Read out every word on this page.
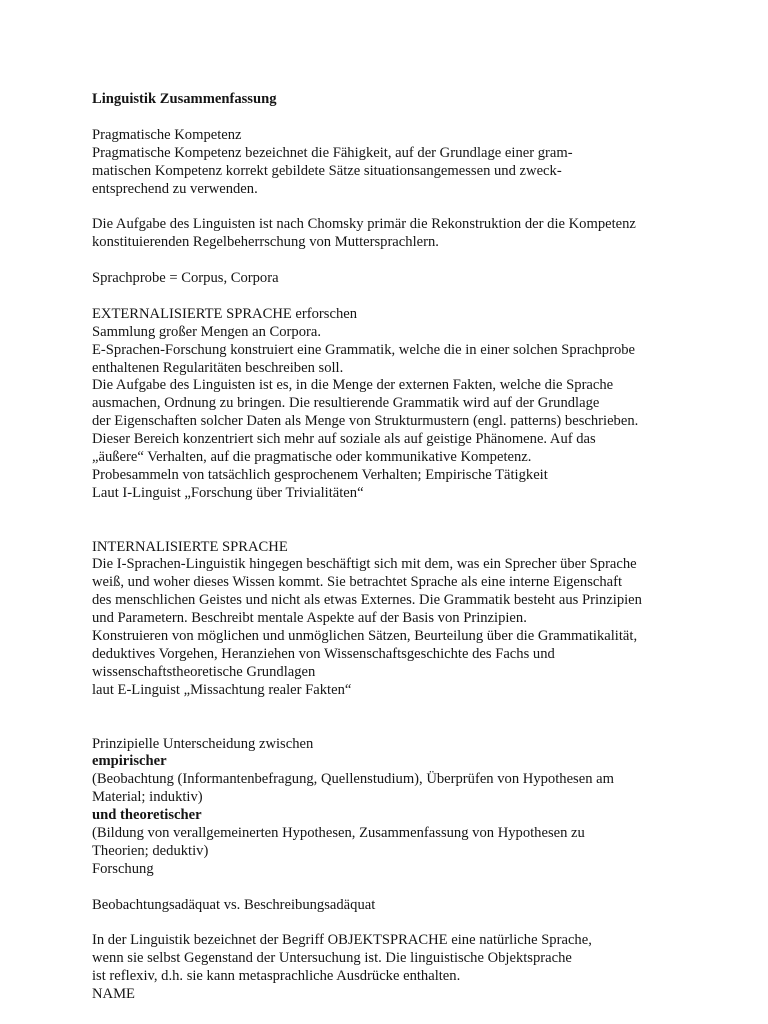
Linguistik Zusammenfassung
Pragmatische Kompetenz
Pragmatische Kompetenz bezeichnet die Fähigkeit, auf der Grundlage einer gram-
matischen Kompetenz korrekt gebildete Sätze situationsangemessen und zweck-
entsprechend zu verwenden.
Die Aufgabe des Linguisten ist nach Chomsky primär die Rekonstruktion der die Kompetenz
konstituierenden Regelbeherrschung von Muttersprachlern.
Sprachprobe = Corpus, Corpora
EXTERNALISIERTE SPRACHE erforschen
Sammlung großer Mengen an Corpora.
E-Sprachen-Forschung konstruiert eine Grammatik, welche die in einer solchen Sprachprobe
enthaltenen Regularitäten beschreiben soll.
Die Aufgabe des Linguisten ist es, in die Menge der externen Fakten, welche die Sprache
ausmachen, Ordnung zu bringen. Die resultierende Grammatik wird auf der Grundlage
der Eigenschaften solcher Daten als Menge von Strukturmustern (engl. patterns) beschrieben.
Dieser Bereich konzentriert sich mehr auf soziale als auf geistige Phänomene. Auf das
„äußere“ Verhalten, auf die pragmatische oder kommunikative Kompetenz.
Probesammeln von tatsächlich gesprochenem Verhalten; Empirische Tätigkeit
Laut I-Linguist „Forschung über Trivialitäten“
INTERNALISIERTE SPRACHE
Die I-Sprachen-Linguistik hingegen beschäftigt sich mit dem, was ein Sprecher über Sprache
weiß, und woher dieses Wissen kommt. Sie betrachtet Sprache als eine interne Eigenschaft
des menschlichen Geistes und nicht als etwas Externes. Die Grammatik besteht aus Prinzipien
und Parametern. Beschreibt mentale Aspekte auf der Basis von Prinzipien.
Konstruieren von möglichen und unmöglichen Sätzen, Beurteilung über die Grammatikalität,
deduktives Vorgehen, Heranziehen von Wissenschaftsgeschichte des Fachs und
wissenschaftstheoretische Grundlagen
laut E-Linguist „Missachtung realer Fakten“
Prinzipielle Unterscheidung zwischen
empirischer
(Beobachtung (Informantenbefragung, Quellenstudium), Überprüfen von Hypothesen am
Material; induktiv)
und theoretischer
(Bildung von verallgemeinerten Hypothesen, Zusammenfassung von Hypothesen zu
Theorien; deduktiv)
Forschung
Beobachtungsadäquat vs. Beschreibungsadäquat
In der Linguistik bezeichnet der Begriff OBJEKTSPRACHE eine natürliche Sprache,
wenn sie selbst Gegenstand der Untersuchung ist. Die linguistische Objektsprache
ist reflexiv, d.h. sie kann metasprachliche Ausdrücke enthalten.
NAME
